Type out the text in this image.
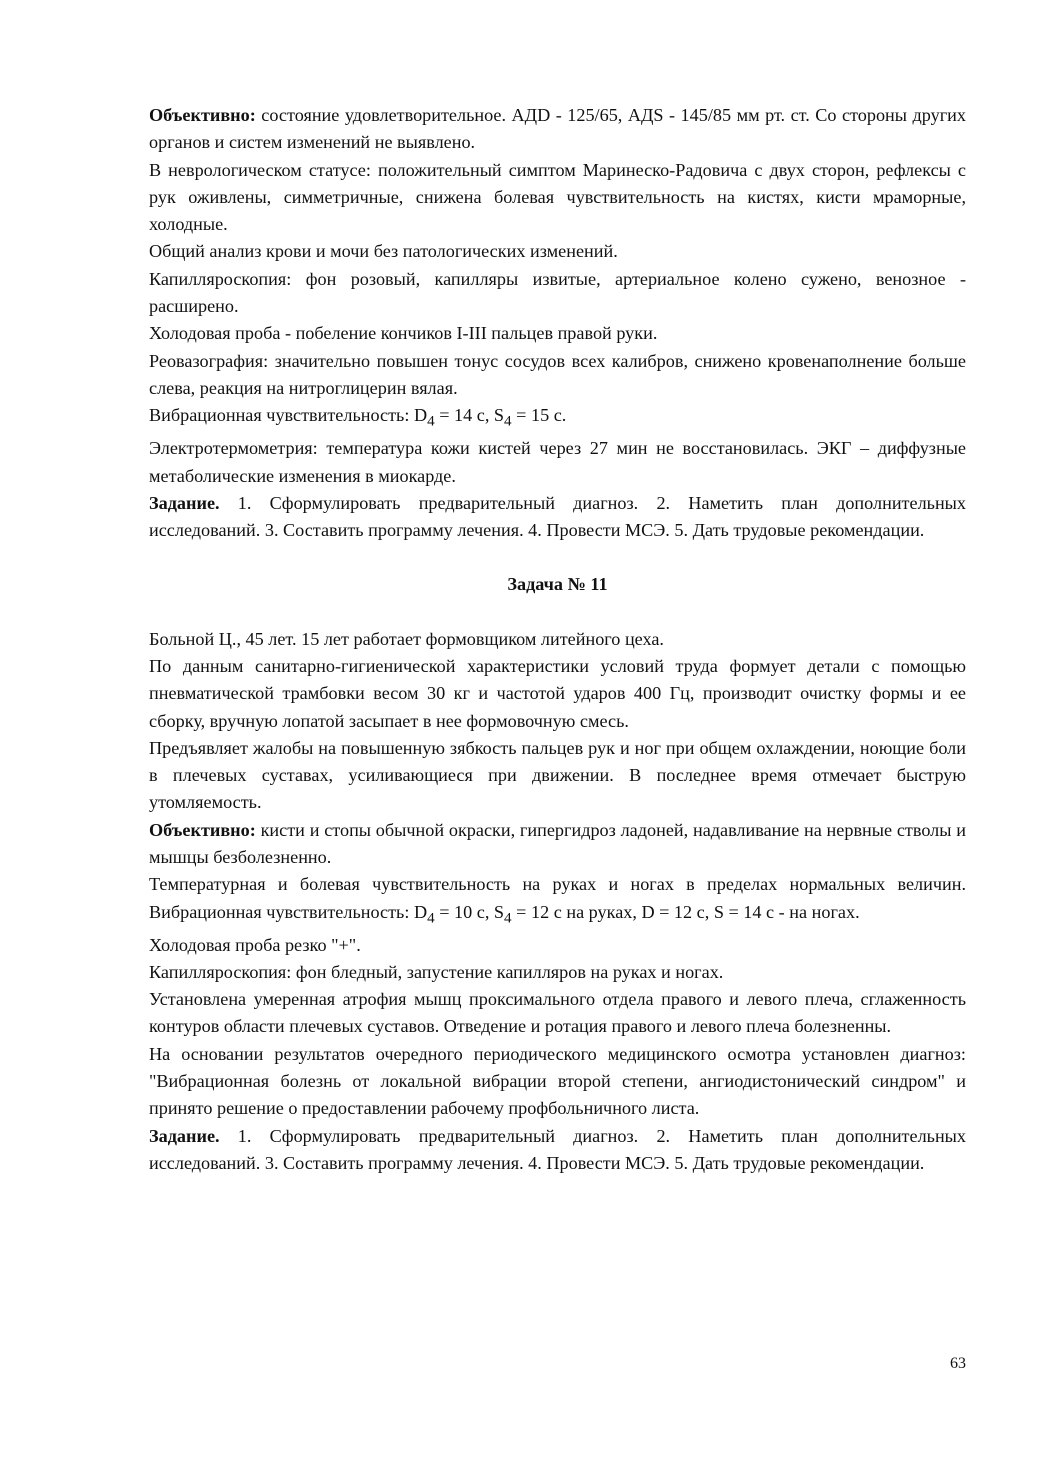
Объективно: состояние удовлетворительное. АДD - 125/65, АДS - 145/85 мм рт. ст. Со стороны других органов и систем изменений не выявлено.

В неврологическом статусе: положительный симптом Маринеско-Радовича с двух сторон, рефлексы с рук оживлены, симметричные, снижена болевая чувствительность на кистях, кисти мраморные, холодные.

Общий анализ крови и мочи без патологических изменений.

Капилляроскопия: фон розовый, капилляры извитые, артериальное колено сужено, венозное - расширено.

Холодовая проба - побеление кончиков I-III пальцев правой руки.

Реовазография: значительно повышен тонус сосудов всех калибров, снижено кровенаполнение больше слева, реакция на нитроглицерин вялая.

Вибрационная чувствительность: $D_4 = 14$ с, $S_4 = 15$ с.

Электротермометрия: температура кожи кистей через 27 мин не восстановилась. ЭКГ – диффузные метаболические изменения в миокарде.

Задание. 1. Сформулировать предварительный диагноз. 2. Наметить план дополнительных исследований. 3. Составить программу лечения. 4. Провести МСЭ. 5. Дать трудовые рекомендации.

Задача № 11

Больной Ц., 45 лет. 15 лет работает формовщиком литейного цеха.

По данным санитарно-гигиенической характеристики условий труда формует детали с помощью пневматической трамбовки весом 30 кг и частотой ударов 400 Гц, производит очистку формы и ее сборку, вручную лопатой засыпает в нее формовочную смесь.

Предъявляет жалобы на повышенную зябкость пальцев рук и ног при общем охлаждении, ноющие боли в плечевых суставах, усиливающиеся при движении. В последнее время отмечает быструю утомляемость.

Объективно: кисти и стопы обычной окраски, гипергидроз ладоней, надавливание на нервные стволы и мышцы безболезненно.

Температурная и болевая чувствительность на руках и ногах в пределах нормальных величин. Вибрационная чувствительность: $D_4 = 10$ с, $S_4 = 12$ с на руках, D = 12 с, S = 14 с - на ногах.

Холодовая проба резко "+".

Капилляроскопия: фон бледный, запустение капилляров на руках и ногах.

Установлена умеренная атрофия мышц проксимального отдела правого и левого плеча, сглаженность контуров области плечевых суставов. Отведение и ротация правого и левого плеча болезненны.

На основании результатов очередного периодического медицинского осмотра установлен диагноз: "Вибрационная болезнь от локальной вибрации второй степени, ангиодистонический синдром" и принято решение о предоставлении рабочему профбольничного листа.

Задание. 1. Сформулировать предварительный диагноз. 2. Наметить план дополнительных исследований. 3. Составить программу лечения. 4. Провести МСЭ. 5. Дать трудовые рекомендации.

63
